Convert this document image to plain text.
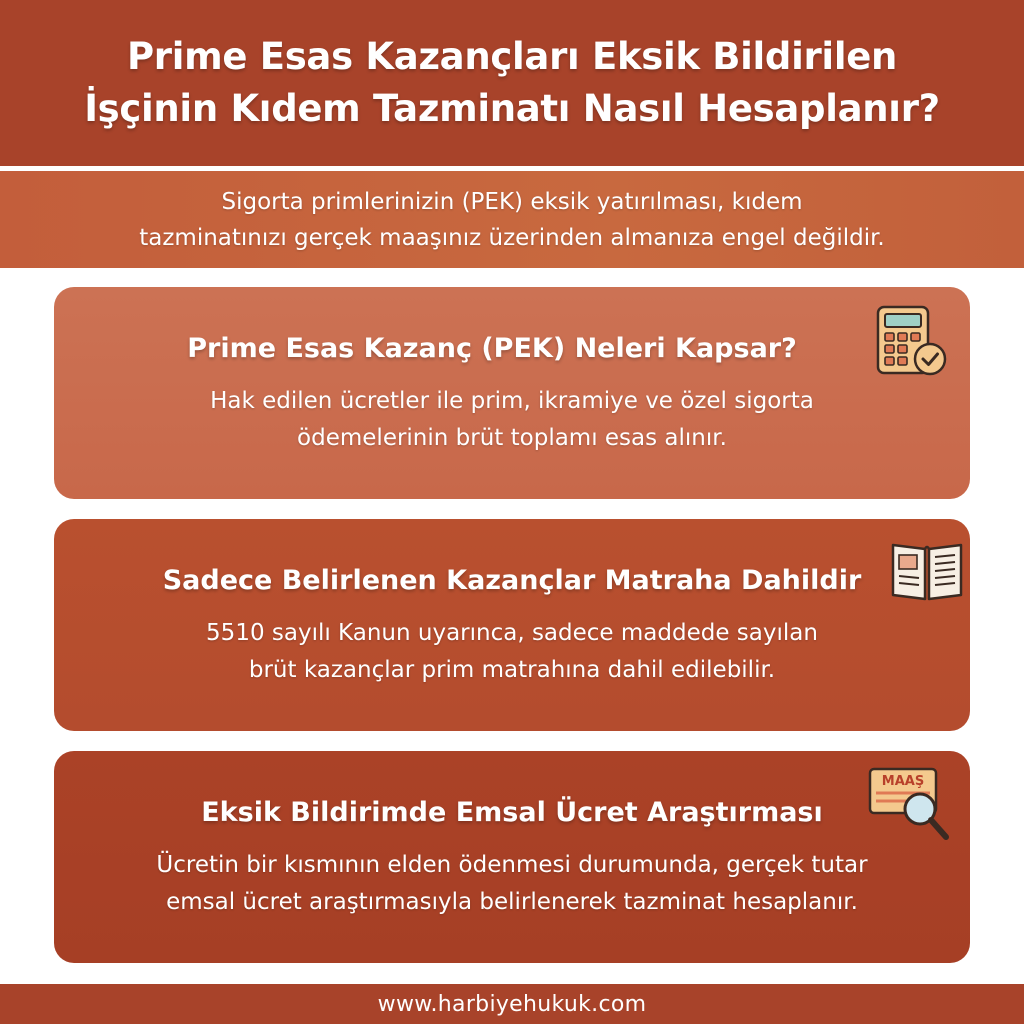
Prime Esas Kazançları Eksik Bildirilen
İşçinin Kıdem Tazminatı Nasıl Hesaplanır?

Sigorta primlerinizin (PEK) eksik yatırılması, kıdem
tazminatınızı gerçek maaşınız üzerinden almanıza engel değildir.

Prime Esas Kazanç (PEK) Neleri Kapsar?

Hak edilen ücretler ile prim, ikramiye ve özel sigorta
ödemelerinin brüt toplamı esas alınır.

Sadece Belirlenen Kazançlar Matraha Dahildir

5510 sayılı Kanun uyarınca, sadece maddede sayılan
brüt kazançlar prim matrahına dahil edilebilir.

Eksik Bildirimde Emsal Ücret Araştırması

Ücretin bir kısmının elden ödenmesi durumunda, gerçek tutar
emsal ücret araştırmasıyla belirlenerek tazminat hesaplanır.

MAAŞ
www.harbiyehukuk.com
